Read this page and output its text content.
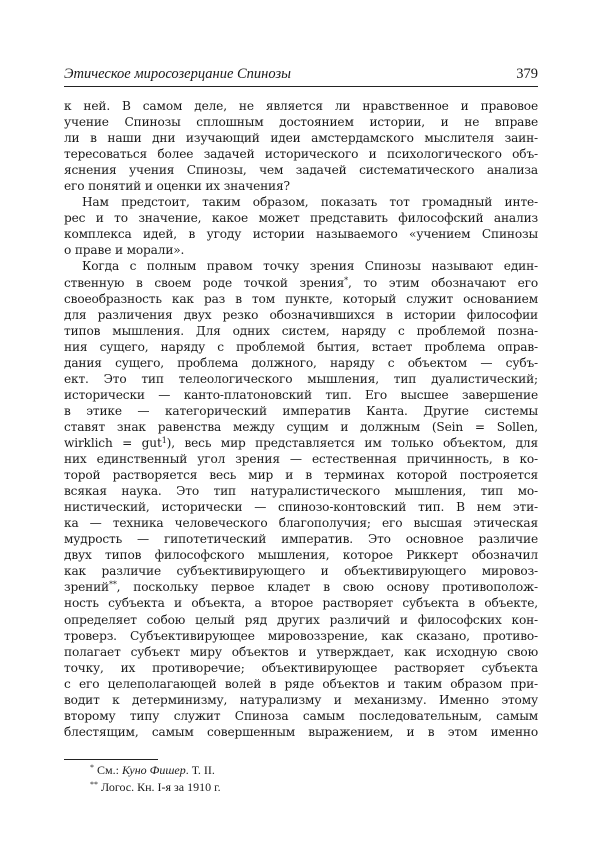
Этическое миросозерцание Спинозы	379
к ней. В самом деле, не является ли нравственное и правовое
учение Спинозы сплошным достоянием истории, и не вправе
ли в наши дни изучающий идеи амстердамского мыслителя заин-
тересоваться более задачей исторического и психологического объ-
яснения учения Спинозы, чем задачей систематического анализа
его понятий и оценки их значения?
Нам предстоит, таким образом, показать тот громадный инте-
рес и то значение, какое может представить философский анализ
комплекса идей, в угоду истории называемого «учением Спинозы
о праве и морали».
Когда с полным правом точку зрения Спинозы называют един-
ственную в своем роде точкой зрения*, то этим обозначают его
своеобразность как раз в том пункте, который служит основанием
для различения двух резко обозначившихся в истории философии
типов мышления. Для одних систем, наряду с проблемой позна-
ния сущего, наряду с проблемой бытия, встает проблема оправ-
дания сущего, проблема должного, наряду с объектом — субъ-
ект. Это тип телеологического мышления, тип дуалистический;
исторически — канто-платоновский тип. Его высшее завершение
в этике — категорический императив Канта. Другие системы
ставят знак равенства между сущим и должным (Sein = Sollen,
wirklich = gut$^1$), весь мир представляется им только объектом, для
них единственный угол зрения — естественная причинность, в ко-
торой растворяется весь мир и в терминах которой построяется
всякая наука. Это тип натуралистического мышления, тип мо-
нистический, исторически — спинозо-контовский тип. В нем эти-
ка — техника человеческого благополучия; его высшая этическая
мудрость — гипотетический императив. Это основное различие
двух типов философского мышления, которое Риккерт обозначил
как различие субъективирующего и объективирующего мировоз-
зрений**, поскольку первое кладет в свою основу противополож-
ность субъекта и объекта, а второе растворяет субъекта в объекте,
определяет собою целый ряд других различий и философских кон-
троверз. Субъективирующее мировоззрение, как сказано, противо-
полагает субъект миру объектов и утверждает, как исходную свою
точку, их противоречие; объективирующее растворяет субъекта
с его целеполагающей волей в ряде объектов и таким образом при-
водит к детерминизму, натурализму и механизму. Именно этому
второму типу служит Спиноза самым последовательным, самым
блестящим, самым совершенным выражением, и в этом именно
* См.: Куно Фишер. Т. II.
** Логос. Кн. I-я за 1910 г.
